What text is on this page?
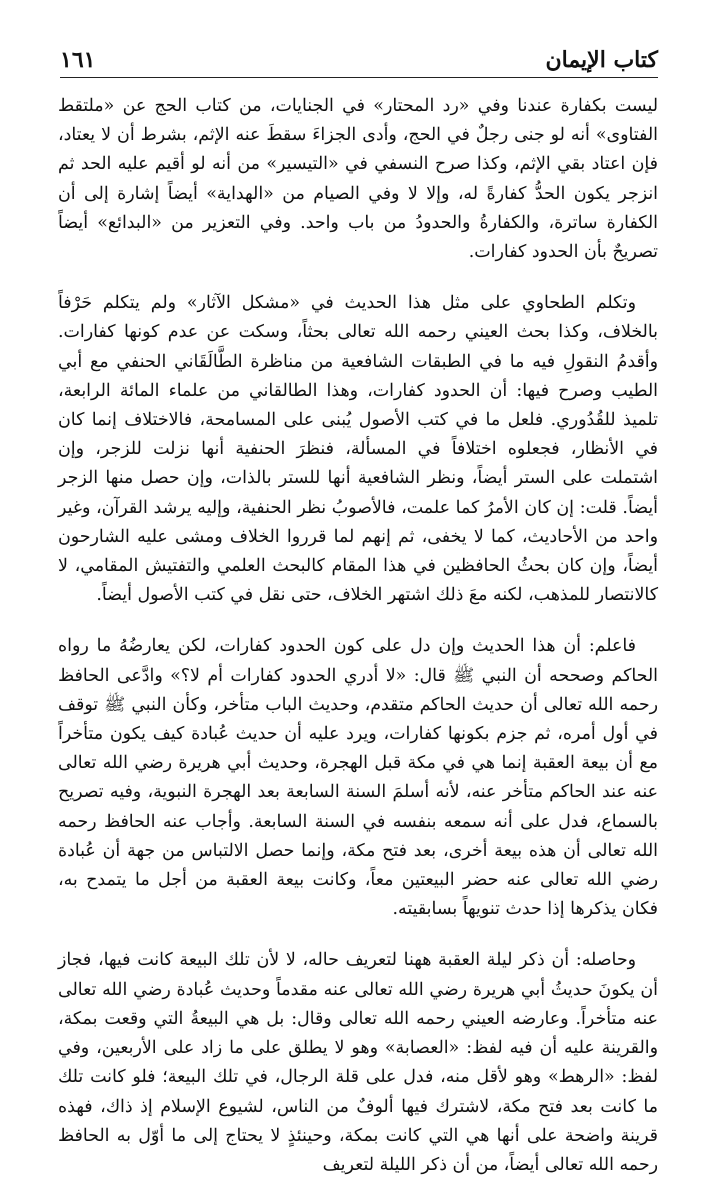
كتاب الإيمان
١٦١

ليست بكفارة عندنا وفي «رد المحتار» في الجنايات، من كتاب الحج عن «ملتقط الفتاوى» أنه لو جنى رجلٌ في الحج، وأدى الجزاءَ سقطَ عنه الإثم، بشرط أن لا يعتاد، فإن اعتاد بقي الإثم، وكذا صرح النسفي في «التيسير» من أنه لو أقيم عليه الحد ثم انزجر يكون الحدُّ كفارةً له، وإلا لا وفي الصيام من «الهداية» أيضاً إشارة إلى أن الكفارة ساترة، والكفارةُ والحدودُ من باب واحد. وفي التعزير من «البدائع» أيضاً تصريحٌ بأن الحدود كفارات.

وتكلم الطحاوي على مثل هذا الحديث في «مشكل الآثار» ولم يتكلم حَرْفاً بالخلاف، وكذا بحث العيني رحمه الله تعالى بحثاً، وسكت عن عدم كونها كفارات. وأقدمُ النقولِ فيه ما في الطبقات الشافعية من مناظرة الطَّالَقَاني الحنفي مع أبي الطيب وصرح فيها: أن الحدود كفارات، وهذا الطالقاني من علماء المائة الرابعة، تلميذ للقُدُوري. فلعل ما في كتب الأصول يُبنى على المسامحة، فالاختلاف إنما كان في الأنظار، فجعلوه اختلافاً في المسألة، فنظرَ الحنفية أنها نزلت للزجر، وإن اشتملت على الستر أيضاً، ونظر الشافعية أنها للستر بالذات، وإن حصل منها الزجر أيضاً. قلت: إن كان الأمرُ كما علمت، فالأصوبُ نظر الحنفية، وإليه يرشد القرآن، وغير واحد من الأحاديث، كما لا يخفى، ثم إنهم لما قرروا الخلاف ومشى عليه الشارحون أيضاً، وإن كان بحثُ الحافظين في هذا المقام كالبحث العلمي والتفتيش المقامي، لا كالانتصار للمذهب، لكنه معَ ذلك اشتهر الخلاف، حتى نقل في كتب الأصول أيضاً.

فاعلم: أن هذا الحديث وإن دل على كون الحدود كفارات، لكن يعارضُهُ ما رواه الحاكم وصححه أن النبي ﷺ قال: «لا أدري الحدود كفارات أم لا؟» وادَّعى الحافظ رحمه الله تعالى أن حديث الحاكم متقدم، وحديث الباب متأخر، وكأن النبي ﷺ توقف في أول أمره، ثم جزم بكونها كفارات، ويرد عليه أن حديث عُبادة كيف يكون متأخراً مع أن بيعة العقبة إنما هي في مكة قبل الهجرة، وحديث أبي هريرة رضي الله تعالى عنه عند الحاكم متأخر عنه، لأنه أسلمَ السنة السابعة بعد الهجرة النبوية، وفيه تصريح بالسماع، فدل على أنه سمعه بنفسه في السنة السابعة. وأجاب عنه الحافظ رحمه الله تعالى أن هذه بيعة أخرى، بعد فتح مكة، وإنما حصل الالتباس من جهة أن عُبادة رضي الله تعالى عنه حضر البيعتين معاً، وكانت بيعة العقبة من أجل ما يتمدح به، فكان يذكرها إذا حدث تنويهاً بسابقيته.

وحاصله: أن ذكر ليلة العقبة ههنا لتعريف حاله، لا لأن تلك البيعة كانت فيها، فجاز أن يكونَ حديثُ أبي هريرة رضي الله تعالى عنه مقدماً وحديث عُبادة رضي الله تعالى عنه متأخراً. وعارضه العيني رحمه الله تعالى وقال: بل هي البيعةُ التي وقعت بمكة، والقرينة عليه أن فيه لفظ: «العصابة» وهو لا يطلق على ما زاد على الأربعين، وفي لفظ: «الرهط» وهو لأقل منه، فدل على قلة الرجال، في تلك البيعة؛ فلو كانت تلك ما كانت بعد فتح مكة، لاشترك فيها ألوفٌ من الناس، لشيوع الإسلام إذ ذاك، فهذه قرينة واضحة على أنها هي التي كانت بمكة، وحينئذٍ لا يحتاج إلى ما أوّل به الحافظ رحمه الله تعالى أيضاً، من أن ذكر الليلة لتعريف
